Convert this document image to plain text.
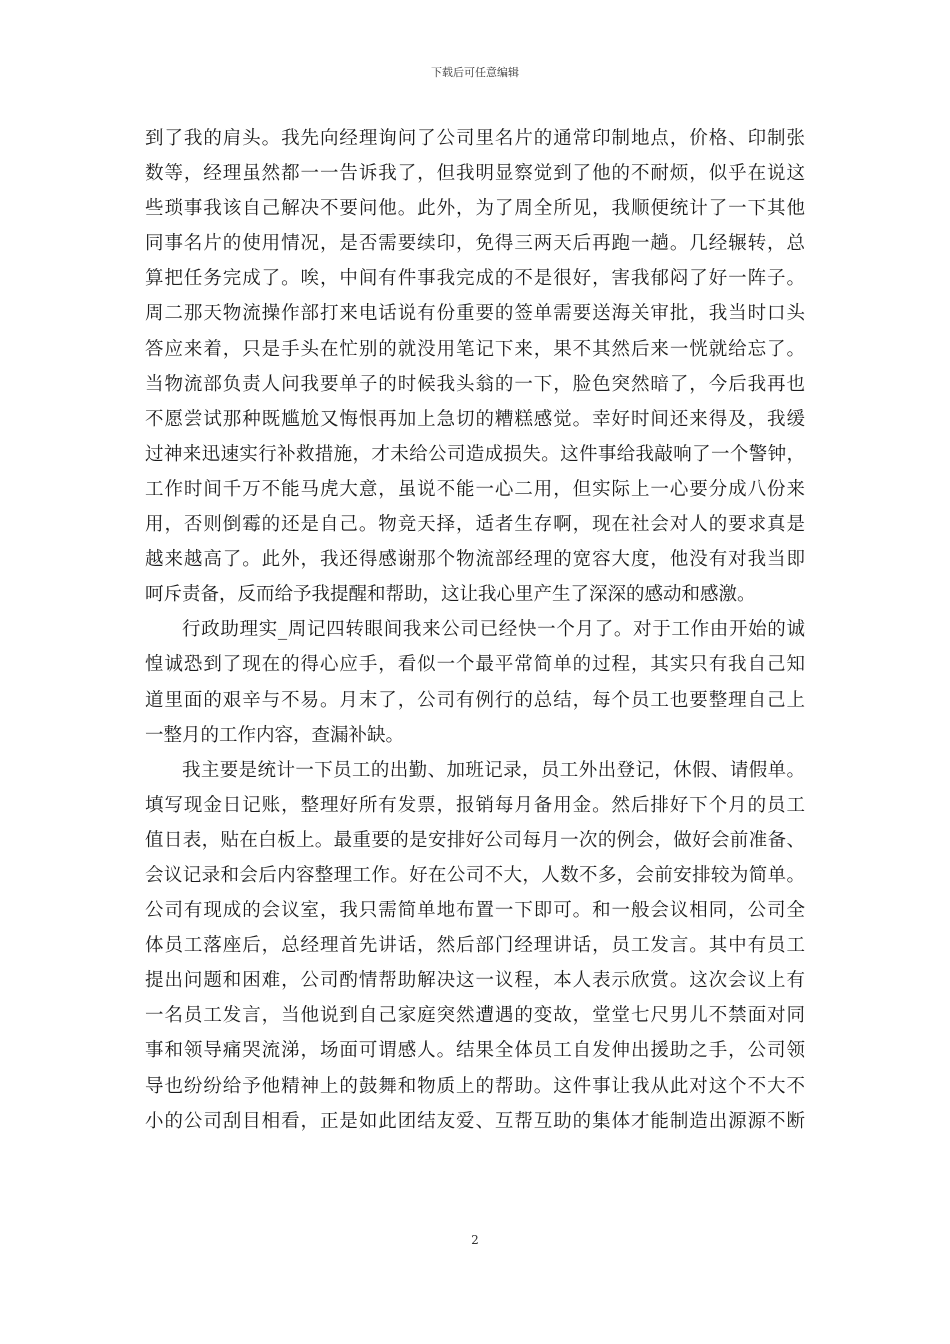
下载后可任意编辑
到了我的肩头。我先向经理询问了公司里名片的通常印制地点，价格、印制张
数等，经理虽然都一一告诉我了，但我明显察觉到了他的不耐烦，似乎在说这
些琐事我该自己解决不要问他。此外，为了周全所见，我顺便统计了一下其他
同事名片的使用情况，是否需要续印，免得三两天后再跑一趟。几经辗转，总
算把任务完成了。唉，中间有件事我完成的不是很好，害我郁闷了好一阵子。
周二那天物流操作部打来电话说有份重要的签单需要送海关审批，我当时口头
答应来着，只是手头在忙别的就没用笔记下来，果不其然后来一恍就给忘了。
当物流部负责人问我要单子的时候我头翁的一下，脸色突然暗了，今后我再也
不愿尝试那种既尴尬又悔恨再加上急切的糟糕感觉。幸好时间还来得及，我缓
过神来迅速实行补救措施，才未给公司造成损失。这件事给我敲响了一个警钟，
工作时间千万不能马虎大意，虽说不能一心二用，但实际上一心要分成八份来
用，否则倒霉的还是自己。物竞天择，适者生存啊，现在社会对人的要求真是
越来越高了。此外，我还得感谢那个物流部经理的宽容大度，他没有对我当即
呵斥责备，反而给予我提醒和帮助，这让我心里产生了深深的感动和感激。
行政助理实_周记四转眼间我来公司已经快一个月了。对于工作由开始的诚
惶诚恐到了现在的得心应手，看似一个最平常简单的过程，其实只有我自己知
道里面的艰辛与不易。月末了，公司有例行的总结，每个员工也要整理自己上
一整月的工作内容，查漏补缺。
我主要是统计一下员工的出勤、加班记录，员工外出登记，休假、请假单。
填写现金日记账，整理好所有发票，报销每月备用金。然后排好下个月的员工
值日表，贴在白板上。最重要的是安排好公司每月一次的例会，做好会前准备、
会议记录和会后内容整理工作。好在公司不大，人数不多，会前安排较为简单。
公司有现成的会议室，我只需简单地布置一下即可。和一般会议相同，公司全
体员工落座后，总经理首先讲话，然后部门经理讲话，员工发言。其中有员工
提出问题和困难，公司酌情帮助解决这一议程，本人表示欣赏。这次会议上有
一名员工发言，当他说到自己家庭突然遭遇的变故，堂堂七尺男儿不禁面对同
事和领导痛哭流涕，场面可谓感人。结果全体员工自发伸出援助之手，公司领
导也纷纷给予他精神上的鼓舞和物质上的帮助。这件事让我从此对这个不大不
小的公司刮目相看，正是如此团结友爱、互帮互助的集体才能制造出源源不断
2
